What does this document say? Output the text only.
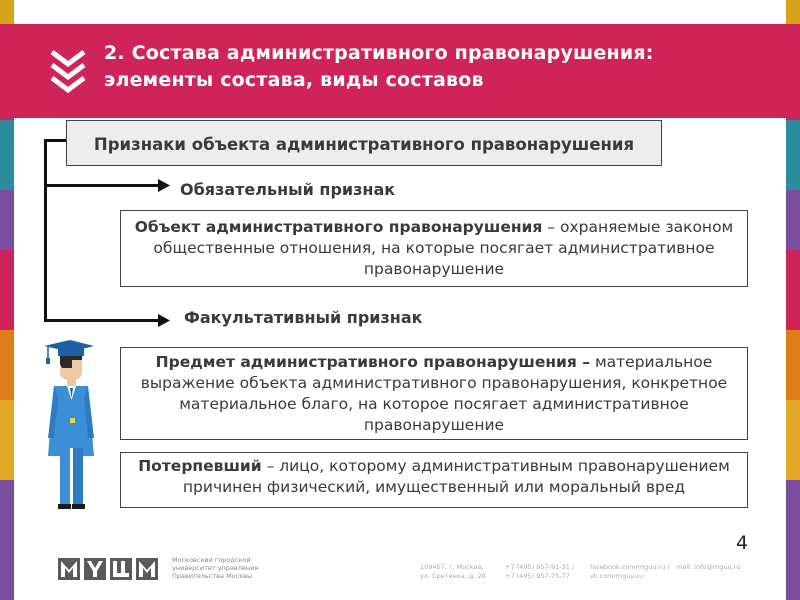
2. Состава административного правонарушения:
элементы состава, виды составов
Признаки объекта административного правонарушения
Обязательный признак
Объект административного правонарушения – охраняемые законом общественные отношения, на которые посягает административное правонарушение
Факультативный признак
Предмет административного правонарушения – материальное выражение объекта административного правонарушения, конкретное материальное благо, на которое посягает административное правонарушение
Потерпевший – лицо, которому административным правонарушением причинен физический, имущественный или моральный вред
4
Московский городской университет управления Правительства Москвы
109457, г. Москва, ул. Сретенка, д. 28
+7 (495) 957-91-31 / +7 (495) 957-75-77
facebook.com/mguu.ru / vk.com/mguu.ru
mail: info@mguu.ru
